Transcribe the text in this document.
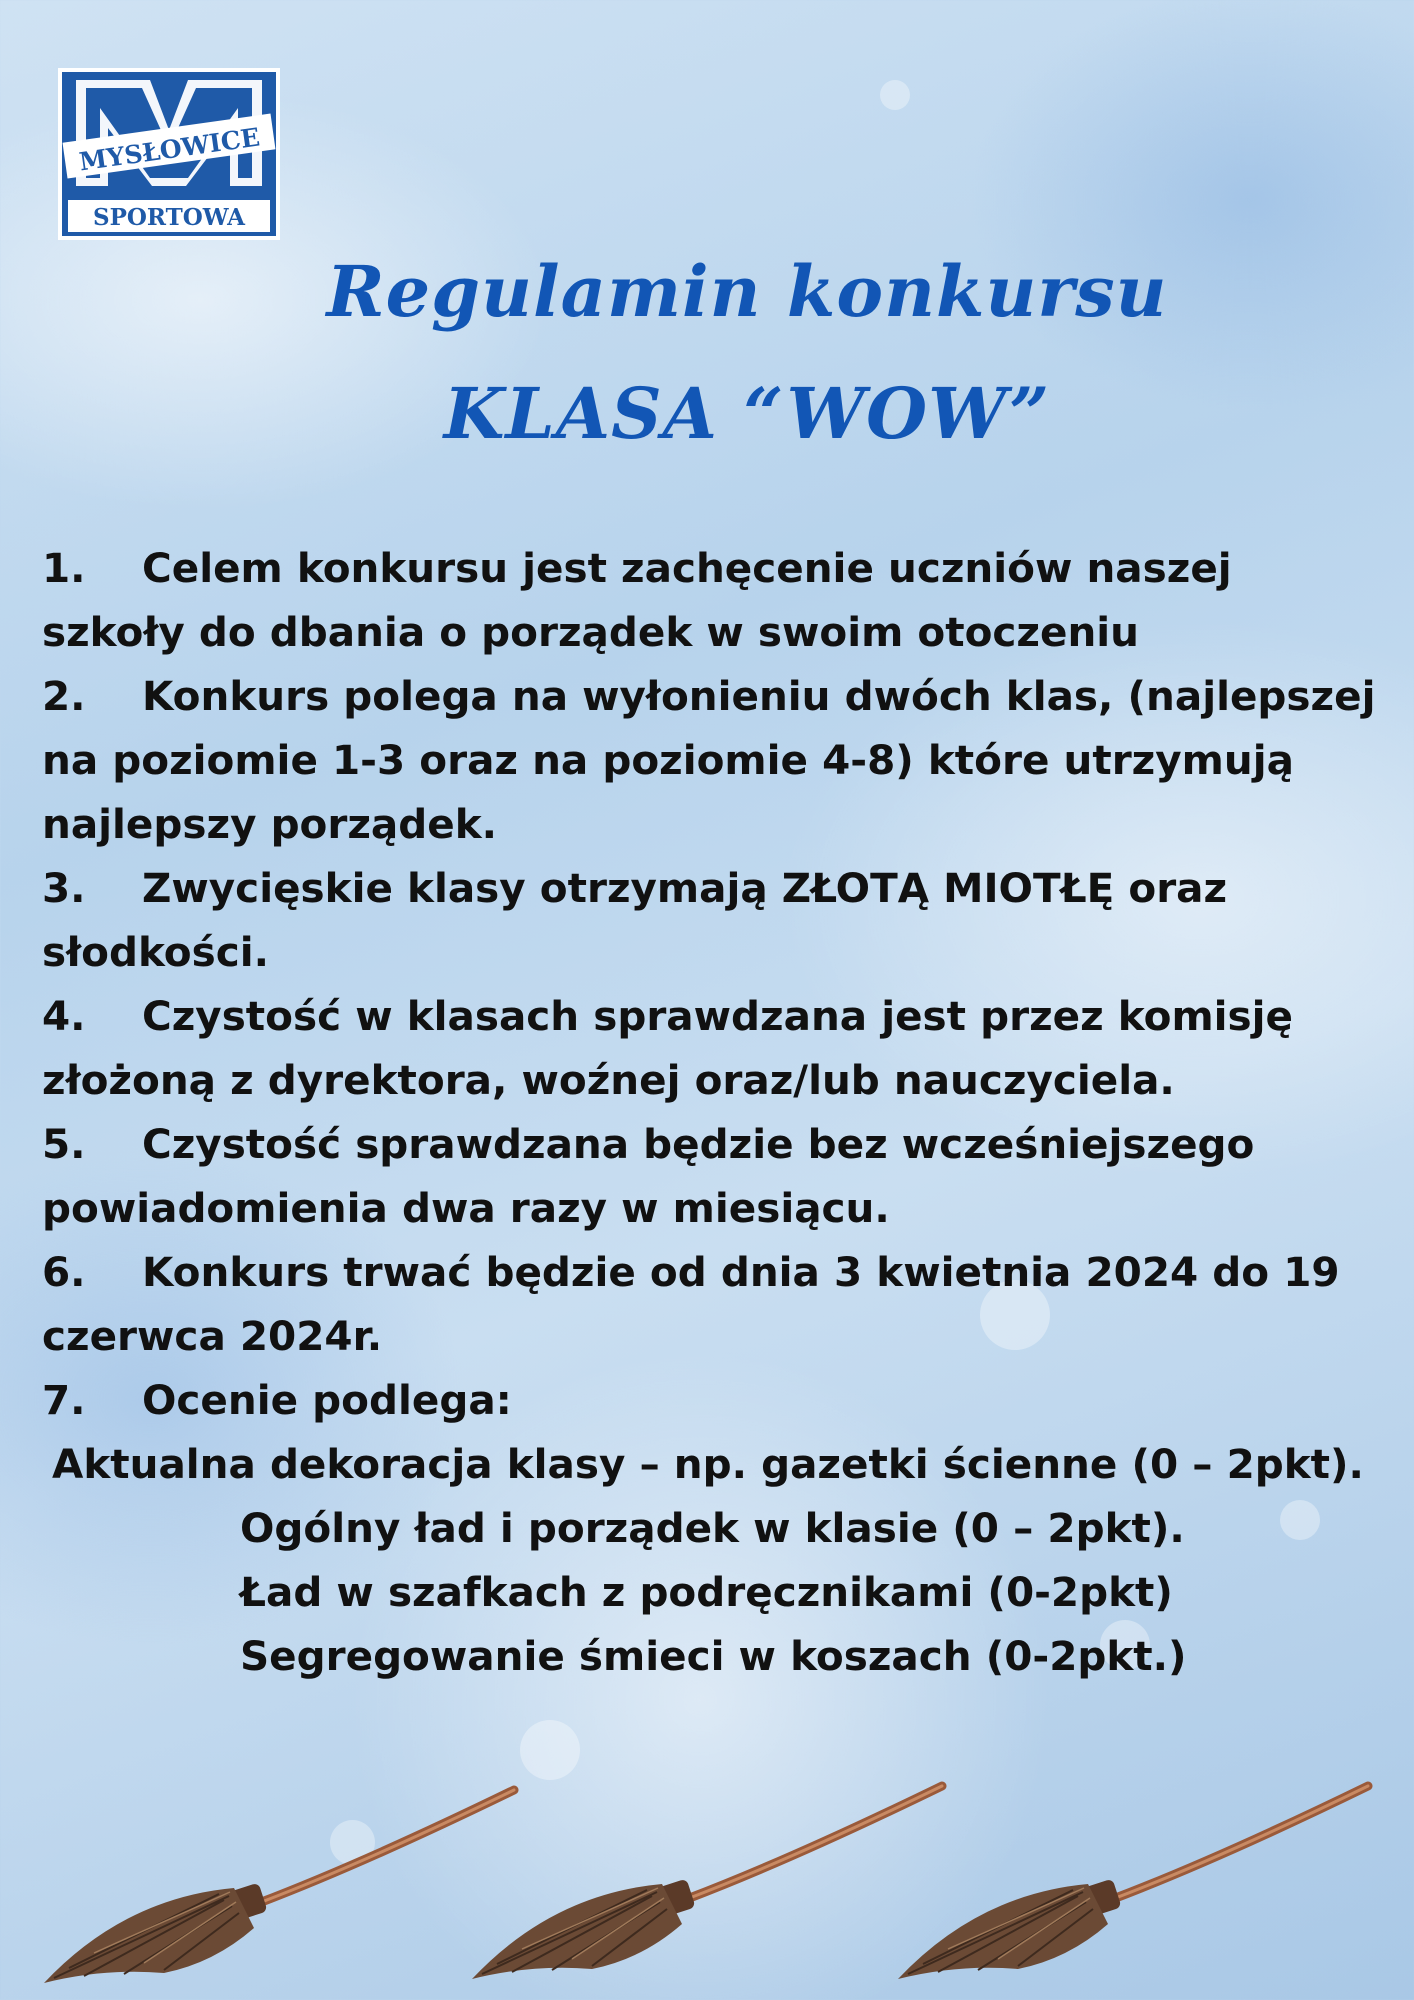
MYSŁOWICE
SPORTOWA
Regulamin konkursu
KLASA “WOW”

1. Celem konkursu jest zachęcenie uczniów naszej szkoły do dbania o porządek w swoim otoczeniu

2. Konkurs polega na wyłonieniu dwóch klas, (najlepszej na poziomie 1-3 oraz na poziomie 4-8) które utrzymują najlepszy porządek.

3. Zwycięskie klasy otrzymają ZŁOTĄ MIOTŁĘ oraz słodkości.

4. Czystość w klasach sprawdzana jest przez komisję złożoną z dyrektora, woźnej oraz/lub nauczyciela.

5. Czystość sprawdzana będzie bez wcześniejszego powiadomienia dwa razy w miesiącu.

6. Konkurs trwać będzie od dnia 3 kwietnia 2024 do 19 czerwca 2024r.

7. Ocenie podlega:

Aktualna dekoracja klasy – np. gazetki ścienne (0 – 2pkt).
Ogólny ład i porządek w klasie (0 – 2pkt).
Ład w szafkach z podręcznikami (0-2pkt)
Segregowanie śmieci w koszach (0-2pkt.)
